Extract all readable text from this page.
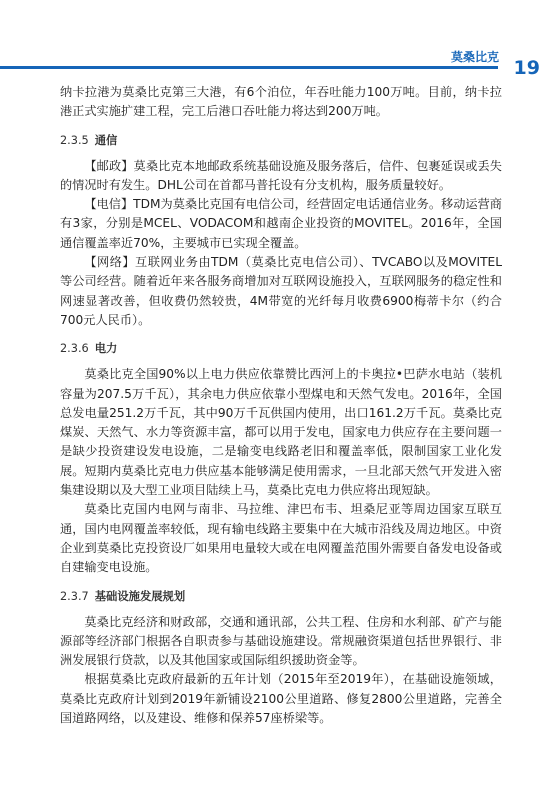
莫桑比克 19

纳卡拉港为莫桑比克第三大港，有6个泊位，年吞吐能力100万吨。目前，纳卡拉港正式实施扩建工程，完工后港口吞吐能力将达到200万吨。

2.3.5 通信

【邮政】莫桑比克本地邮政系统基础设施及服务落后，信件、包裹延误或丢失的情况时有发生。DHL公司在首都马普托设有分支机构，服务质量较好。

【电信】TDM为莫桑比克国有电信公司，经营固定电话通信业务。移动运营商有3家，分别是MCEL、VODACOM和越南企业投资的MOVITEL。2016年，全国通信覆盖率近70%，主要城市已实现全覆盖。

【网络】互联网业务由TDM（莫桑比克电信公司）、TVCABO以及MOVITEL等公司经营。随着近年来各服务商增加对互联网设施投入，互联网服务的稳定性和网速显著改善，但收费仍然较贵，4M带宽的光纤每月收费6900梅蒂卡尔（约合700元人民币）。

2.3.6 电力

莫桑比克全国90%以上电力供应依靠赞比西河上的卡奥拉•巴萨水电站（装机容量为207.5万千瓦），其余电力供应依靠小型煤电和天然气发电。2016年，全国总发电量251.2万千瓦，其中90万千瓦供国内使用，出口161.2万千瓦。莫桑比克煤炭、天然气、水力等资源丰富，都可以用于发电，国家电力供应存在主要问题一是缺少投资建设发电设施，二是输变电线路老旧和覆盖率低，限制国家工业化发展。短期内莫桑比克电力供应基本能够满足使用需求，一旦北部天然气开发进入密集建设期以及大型工业项目陆续上马，莫桑比克电力供应将出现短缺。

莫桑比克国内电网与南非、马拉维、津巴布韦、坦桑尼亚等周边国家互联互通，国内电网覆盖率较低，现有输电线路主要集中在大城市沿线及周边地区。中资企业到莫桑比克投资设厂如果用电量较大或在电网覆盖范围外需要自备发电设备或自建输变电设施。

2.3.7 基础设施发展规划

莫桑比克经济和财政部，交通和通讯部，公共工程、住房和水利部、矿产与能源部等经济部门根据各自职责参与基础设施建设。常规融资渠道包括世界银行、非洲发展银行贷款，以及其他国家或国际组织援助资金等。

根据莫桑比克政府最新的五年计划（2015年至2019年），在基础设施领域，莫桑比克政府计划到2019年新铺设2100公里道路、修复2800公里道路，完善全国道路网络，以及建设、维修和保养57座桥梁等。
